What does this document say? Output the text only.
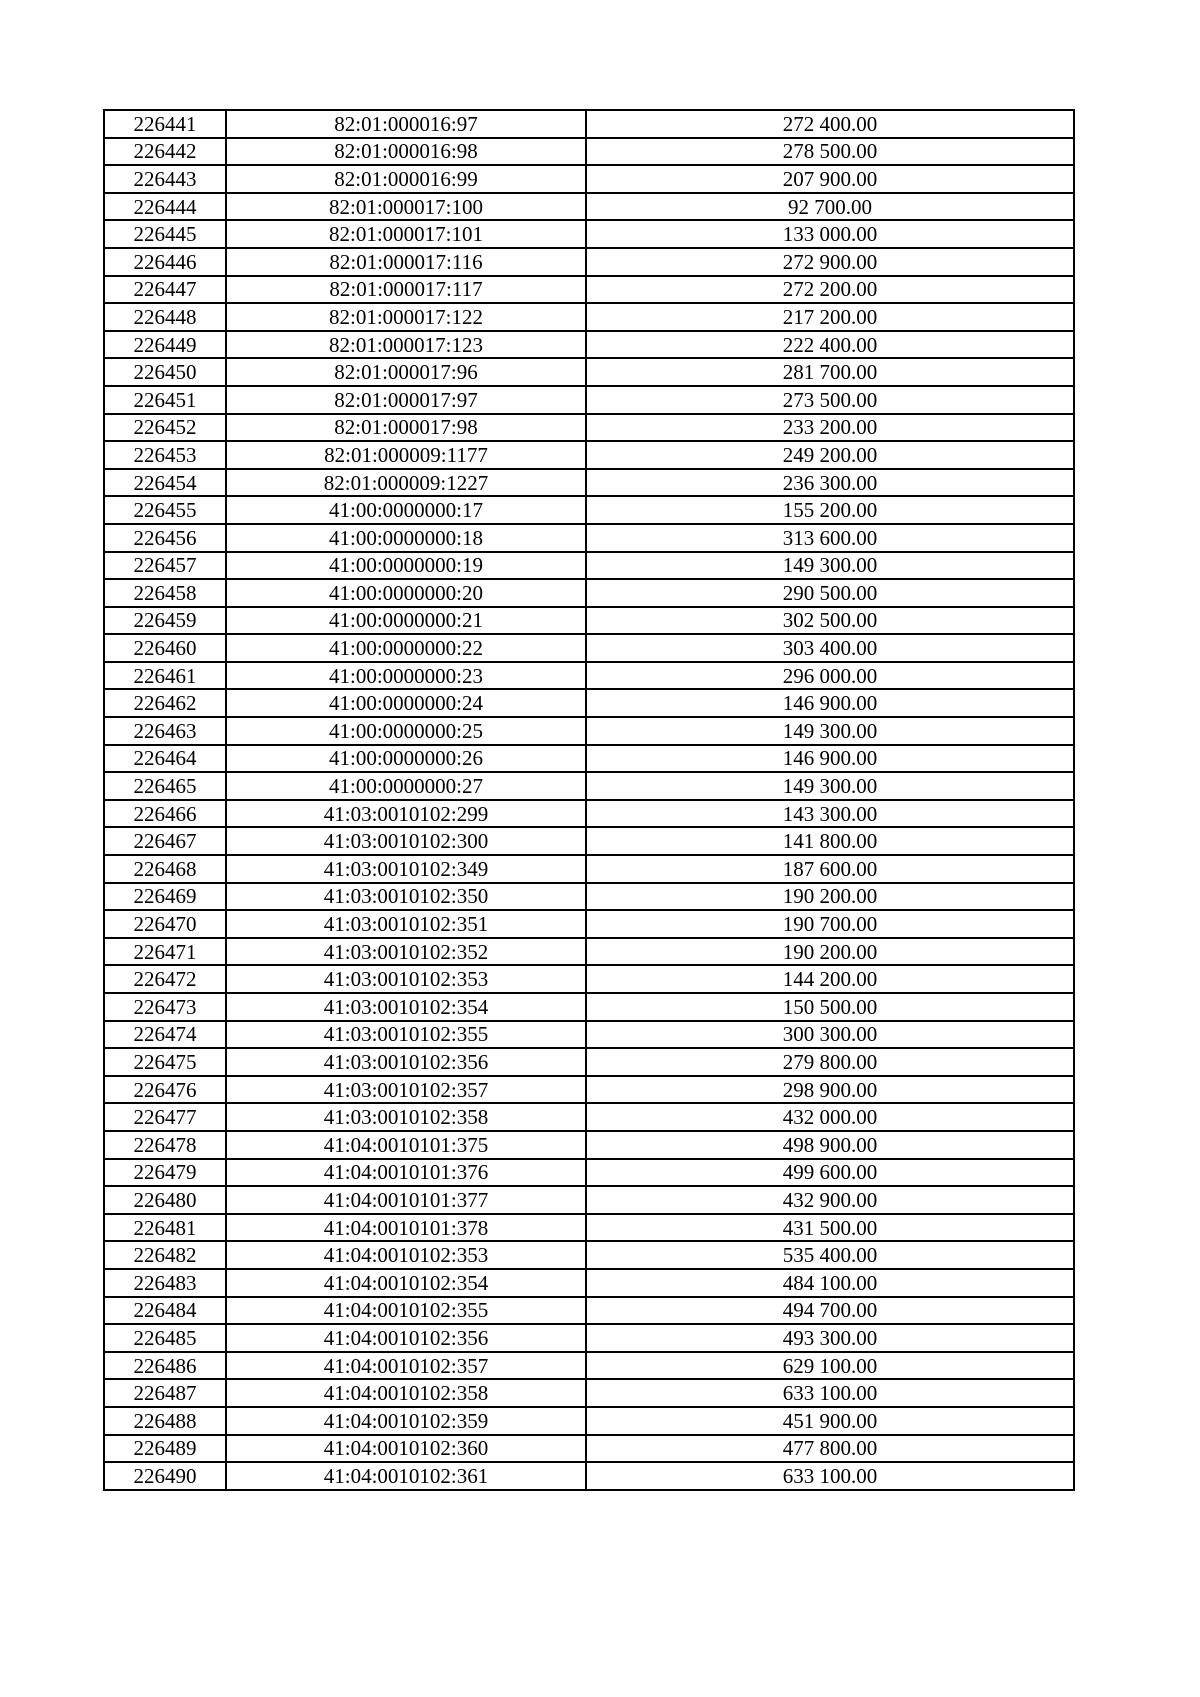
226441	82:01:000016:97	272 400.00
226442	82:01:000016:98	278 500.00
226443	82:01:000016:99	207 900.00
226444	82:01:000017:100	92 700.00
226445	82:01:000017:101	133 000.00
226446	82:01:000017:116	272 900.00
226447	82:01:000017:117	272 200.00
226448	82:01:000017:122	217 200.00
226449	82:01:000017:123	222 400.00
226450	82:01:000017:96	281 700.00
226451	82:01:000017:97	273 500.00
226452	82:01:000017:98	233 200.00
226453	82:01:000009:1177	249 200.00
226454	82:01:000009:1227	236 300.00
226455	41:00:0000000:17	155 200.00
226456	41:00:0000000:18	313 600.00
226457	41:00:0000000:19	149 300.00
226458	41:00:0000000:20	290 500.00
226459	41:00:0000000:21	302 500.00
226460	41:00:0000000:22	303 400.00
226461	41:00:0000000:23	296 000.00
226462	41:00:0000000:24	146 900.00
226463	41:00:0000000:25	149 300.00
226464	41:00:0000000:26	146 900.00
226465	41:00:0000000:27	149 300.00
226466	41:03:0010102:299	143 300.00
226467	41:03:0010102:300	141 800.00
226468	41:03:0010102:349	187 600.00
226469	41:03:0010102:350	190 200.00
226470	41:03:0010102:351	190 700.00
226471	41:03:0010102:352	190 200.00
226472	41:03:0010102:353	144 200.00
226473	41:03:0010102:354	150 500.00
226474	41:03:0010102:355	300 300.00
226475	41:03:0010102:356	279 800.00
226476	41:03:0010102:357	298 900.00
226477	41:03:0010102:358	432 000.00
226478	41:04:0010101:375	498 900.00
226479	41:04:0010101:376	499 600.00
226480	41:04:0010101:377	432 900.00
226481	41:04:0010101:378	431 500.00
226482	41:04:0010102:353	535 400.00
226483	41:04:0010102:354	484 100.00
226484	41:04:0010102:355	494 700.00
226485	41:04:0010102:356	493 300.00
226486	41:04:0010102:357	629 100.00
226487	41:04:0010102:358	633 100.00
226488	41:04:0010102:359	451 900.00
226489	41:04:0010102:360	477 800.00
226490	41:04:0010102:361	633 100.00
